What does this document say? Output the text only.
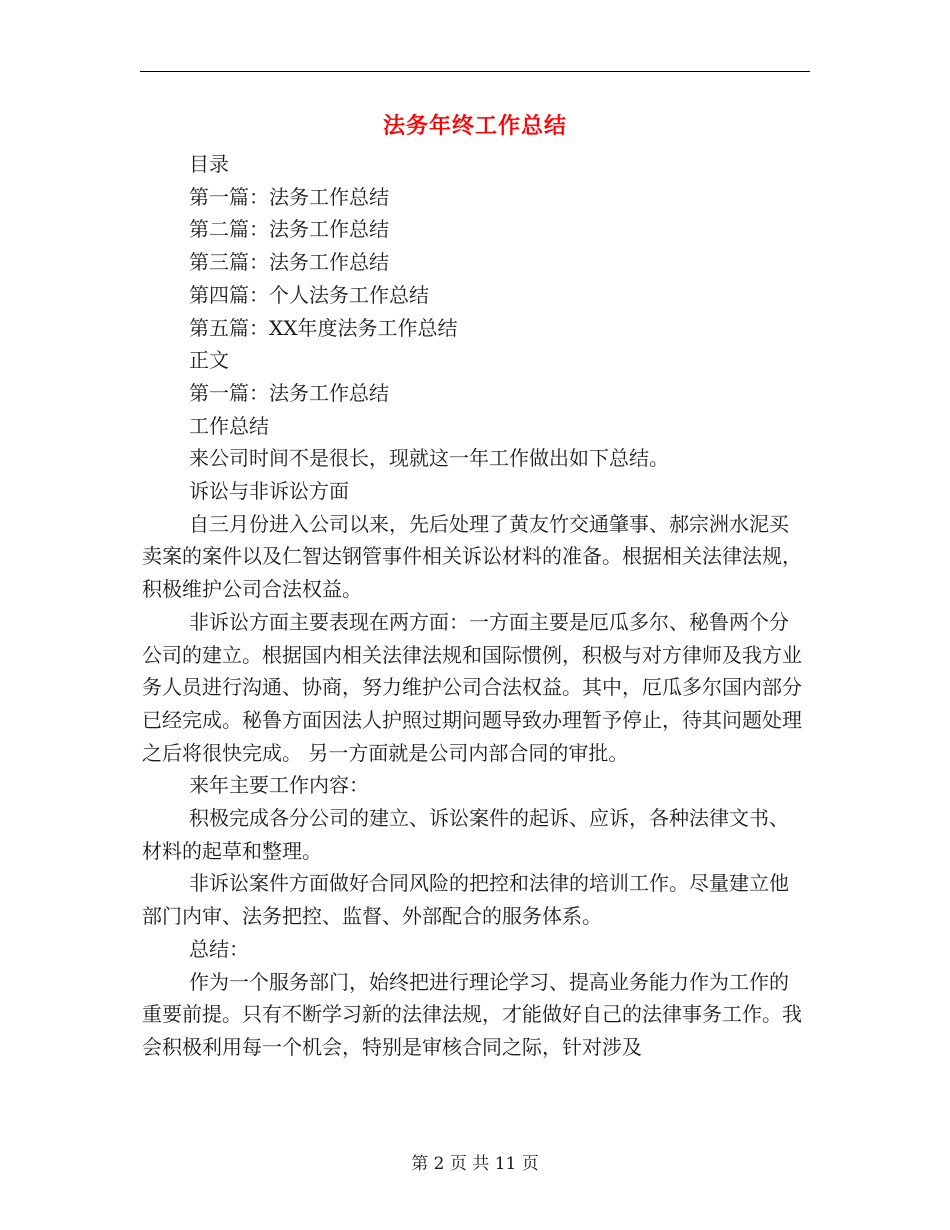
法务年终工作总结

目录

第一篇：法务工作总结

第二篇：法务工作总结

第三篇：法务工作总结

第四篇：个人法务工作总结

第五篇：XX年度法务工作总结

正文

第一篇：法务工作总结

工作总结

来公司时间不是很长，现就这一年工作做出如下总结。

诉讼与非诉讼方面

自三月份进入公司以来，先后处理了黄友竹交通肇事、郝宗洲水泥买卖案的案件以及仁智达钢管事件相关诉讼材料的准备。根据相关法律法规，积极维护公司合法权益。

非诉讼方面主要表现在两方面：一方面主要是厄瓜多尔、秘鲁两个分公司的建立。根据国内相关法律法规和国际惯例，积极与对方律师及我方业务人员进行沟通、协商，努力维护公司合法权益。其中，厄瓜多尔国内部分已经完成。秘鲁方面因法人护照过期问题导致办理暂予停止，待其问题处理之后将很快完成。 另一方面就是公司内部合同的审批。

来年主要工作内容：

积极完成各分公司的建立、诉讼案件的起诉、应诉，各种法律文书、材料的起草和整理。

非诉讼案件方面做好合同风险的把控和法律的培训工作。尽量建立他部门内审、法务把控、监督、外部配合的服务体系。

总结：

作为一个服务部门，始终把进行理论学习、提高业务能力作为工作的重要前提。只有不断学习新的法律法规，才能做好自己的法律事务工作。我会积极利用每一个机会，特别是审核合同之际，针对涉及

第 2 页 共 11 页
